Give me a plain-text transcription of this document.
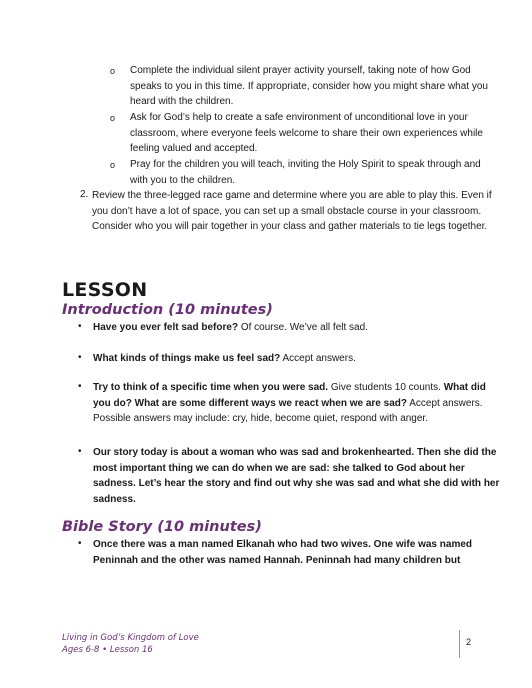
o Complete the individual silent prayer activity yourself, taking note of how God speaks to you in this time. If appropriate, consider how you might share what you heard with the children.
o Ask for God’s help to create a safe environment of unconditional love in your classroom, where everyone feels welcome to share their own experiences while feeling valued and accepted.
o Pray for the children you will teach, inviting the Holy Spirit to speak through and with you to the children.
2. Review the three-legged race game and determine where you are able to play this. Even if you don’t have a lot of space, you can set up a small obstacle course in your classroom. Consider who you will pair together in your class and gather materials to tie legs together.
LESSON
Introduction (10 minutes)
• Have you ever felt sad before? Of course. We’ve all felt sad.
• What kinds of things make us feel sad? Accept answers.
• Try to think of a specific time when you were sad. Give students 10 counts. What did you do? What are some different ways we react when we are sad? Accept answers. Possible answers may include: cry, hide, become quiet, respond with anger.
• Our story today is about a woman who was sad and brokenhearted. Then she did the most important thing we can do when we are sad: she talked to God about her sadness. Let’s hear the story and find out why she was sad and what she did with her sadness.
Bible Story (10 minutes)
• Once there was a man named Elkanah who had two wives. One wife was named Peninnah and the other was named Hannah. Peninnah had many children but
Living in God’s Kingdom of Love
Ages 6-8 • Lesson 16
2
